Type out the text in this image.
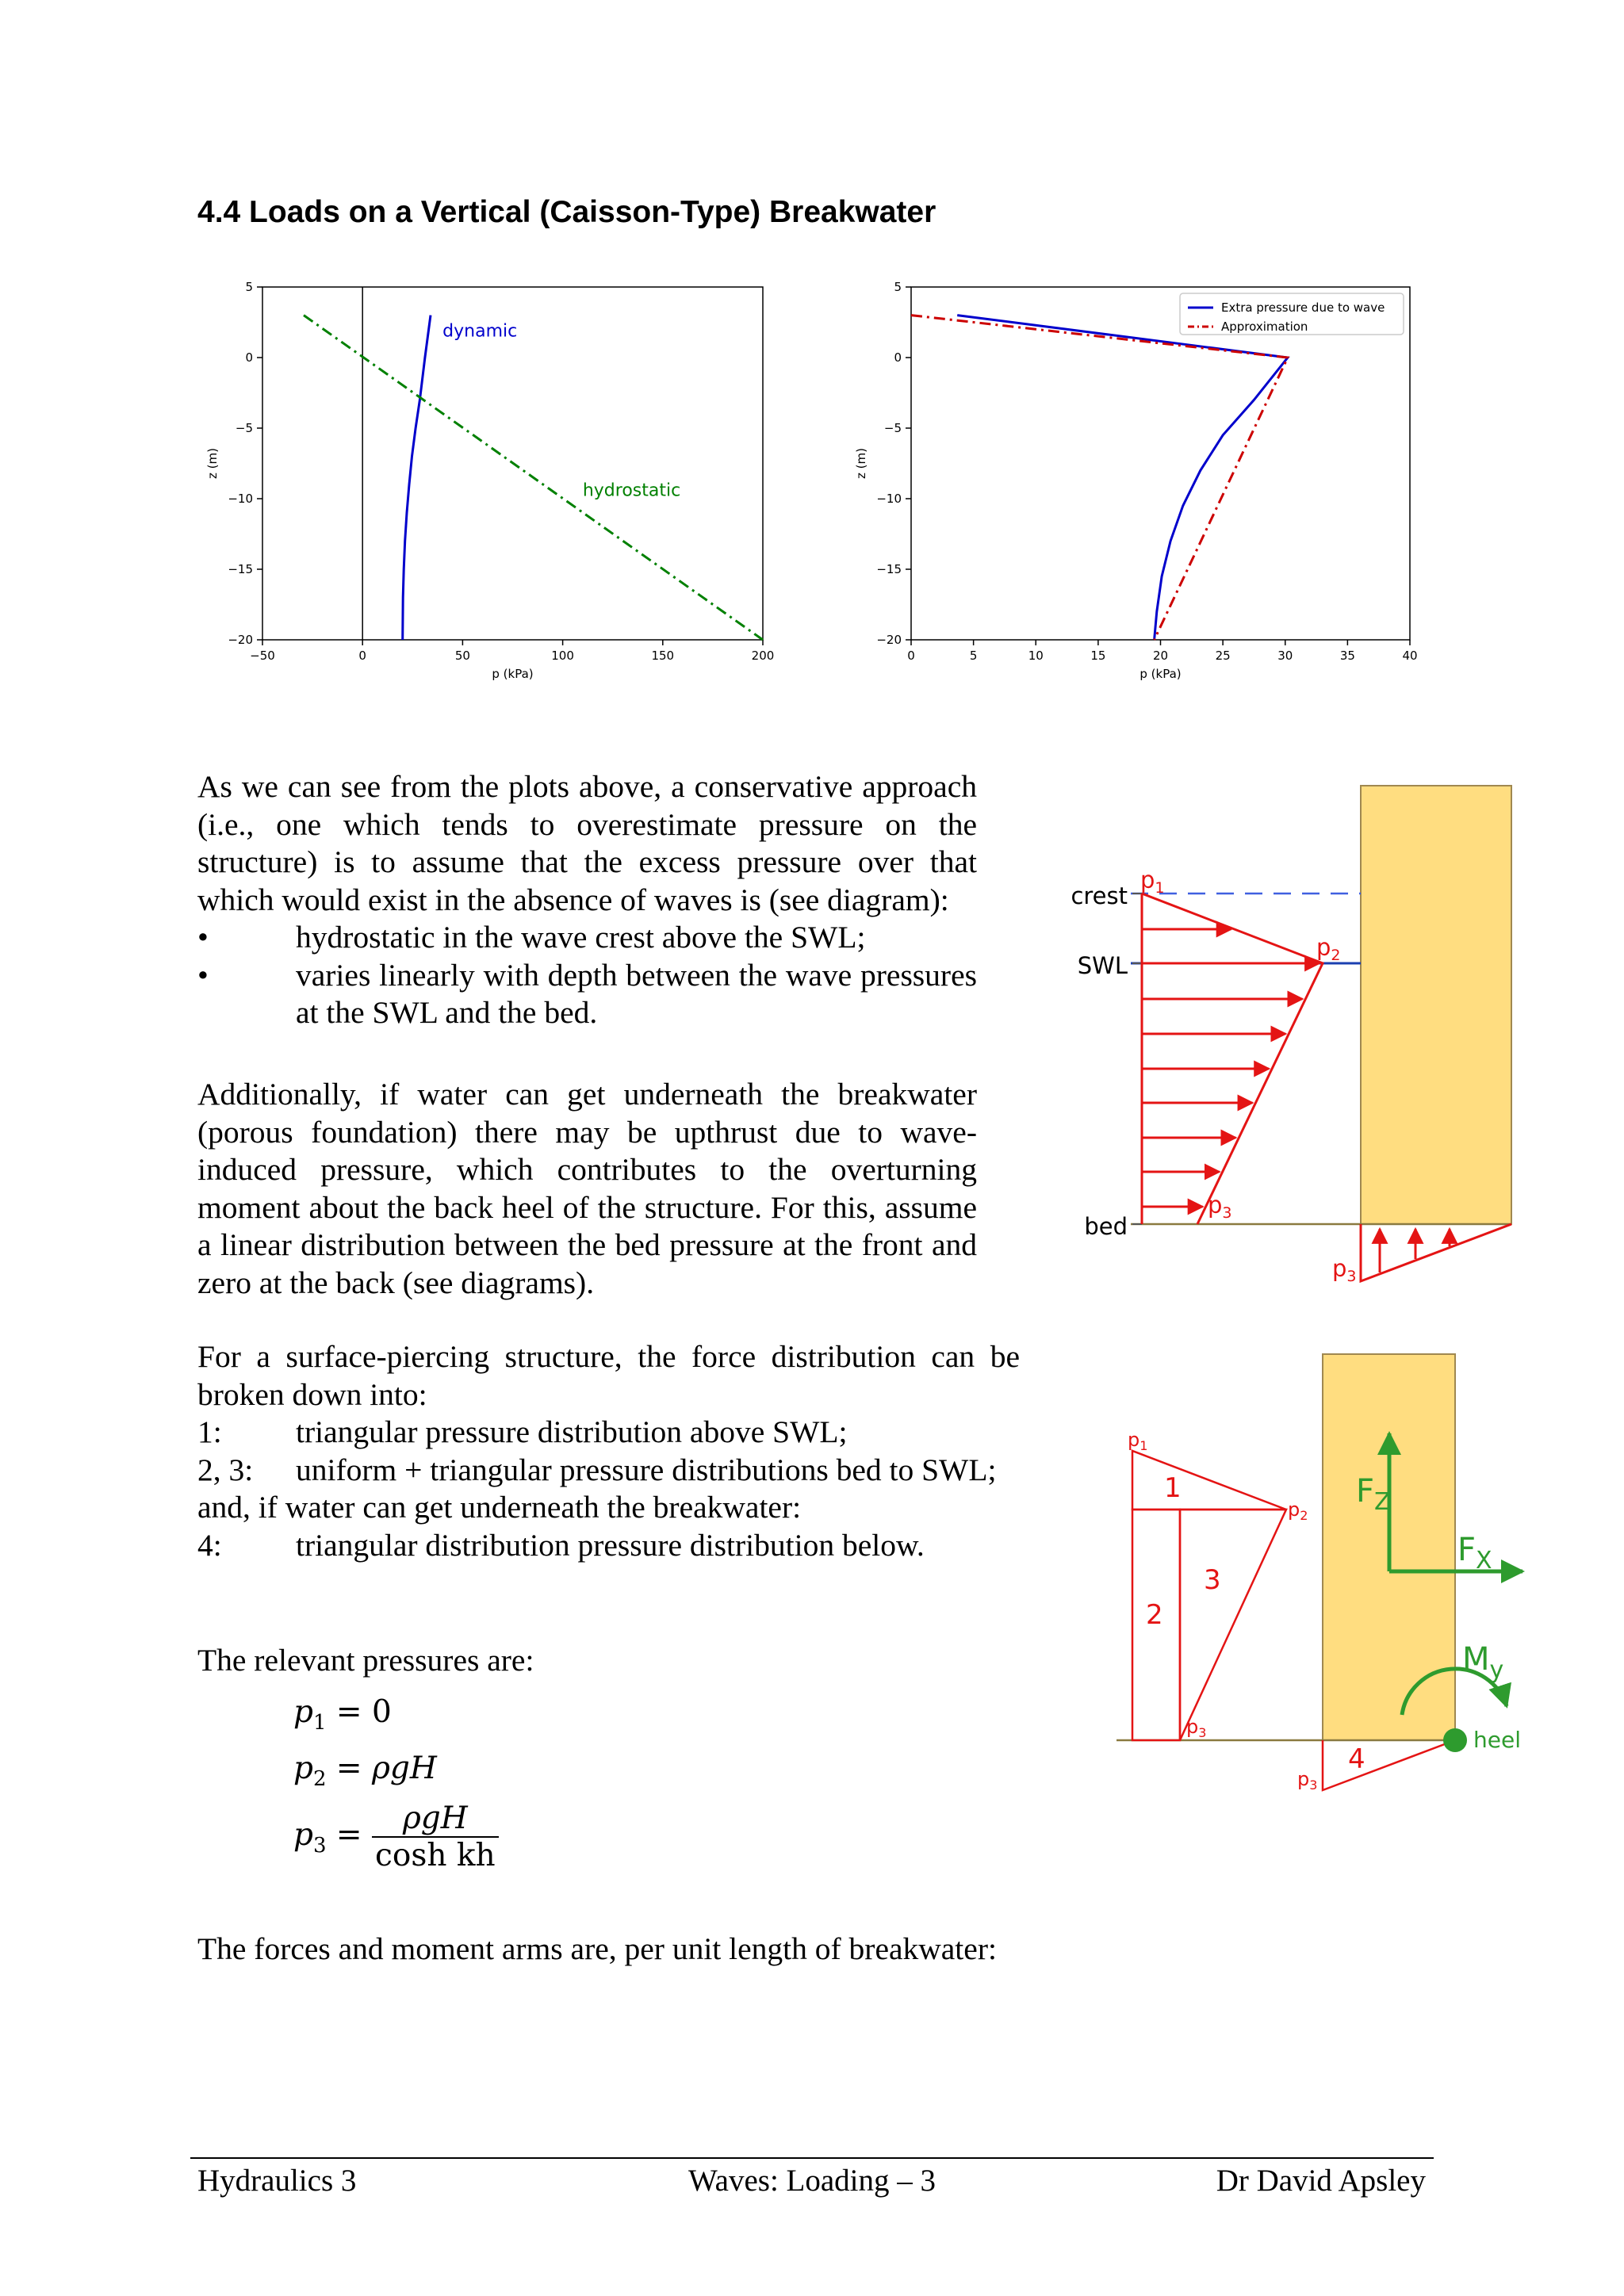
4.4 Loads on a Vertical (Caisson-Type) Breakwater
−50	0	50	100	150	200
5
0
−5
−10
−15
−20
p (kPa)
z (m)
dynamic
hydrostatic
0	5	10	15	20	25	30	35	40
5
0
−5
−10
−15
−20
p (kPa)
z (m)
Extra pressure due to wave
Approximation

As we can see from the plots above, a conservative approach (i.e., one which tends to overestimate pressure on the structure) is to assume that the excess pressure over that which would exist in the absence of waves is (see diagram):

•	hydrostatic in the wave crest above the SWL;
•	varies linearly with depth between the wave pressures at the SWL and the bed.

Additionally, if water can get underneath the breakwater (porous foundation) there may be upthrust due to wave-induced pressure, which contributes to the overturning moment about the back heel of the structure. For this, assume a linear distribution between the bed pressure at the front and zero at the back (see diagrams).

For a surface-piercing structure, the force distribution can be broken down into:

1:	triangular pressure distribution above SWL;
2, 3:	uniform + triangular pressure distributions bed to SWL;

and, if water can get underneath the breakwater:

4:	triangular distribution pressure distribution below.

The relevant pressures are:

$p_1 = 0$
$p_2 = \rho gH$
$p_3 = \frac{\text{ρgH}}{\text{cosh kh}}$

The forces and moment arms are, per unit length of breakwater:

crest
SWL
bed
$p_1$
$p_2$
$p_3$
$p_3$
1
2
3
4
$p_1$
$p_2$
$p_3$
$p_3$
$F_Z$
$F_X$
$M_y$
heel
Hydraulics 3	Waves: Loading – 3	Dr David Apsley
